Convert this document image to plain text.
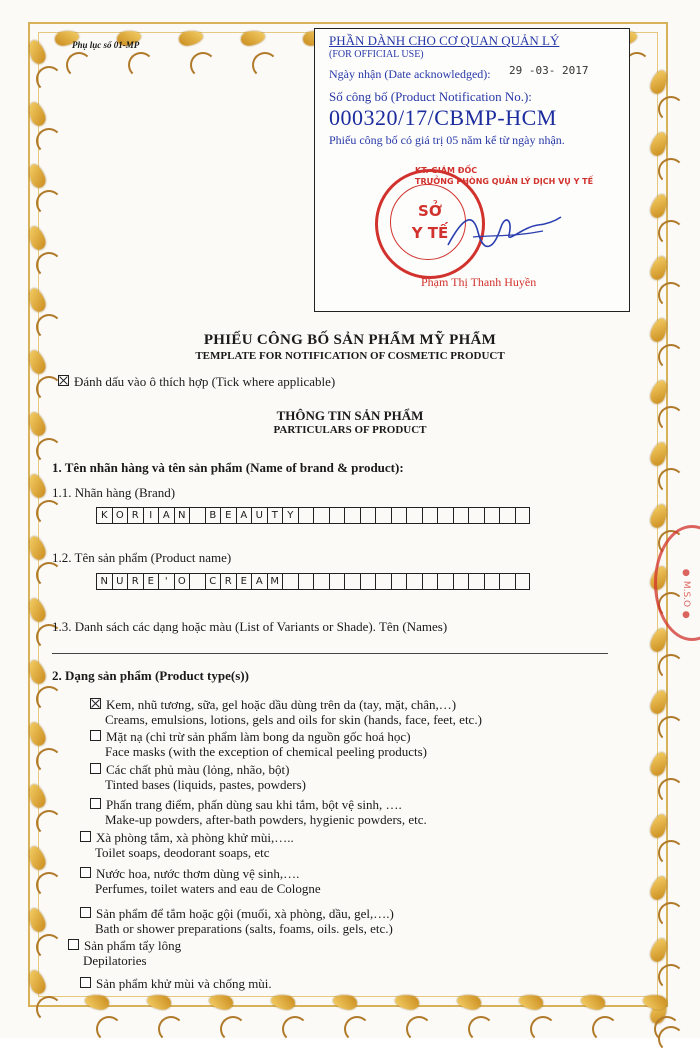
● M.S.O ●
Phụ lục số 01-MP	PHẦN DÀNH CHO CƠ QUAN QUẢN LÝ
(FOR OFFICIAL USE)
Ngày nhận (Date acknowledged): 29 -03- 2017
Số công bố (Product Notification No.):
000320/17/CBMP-HCM
Phiếu công bố có giá trị 05 năm kể từ ngày nhận.
KT. GIÁM ĐỐC
TRƯỞNG PHÒNG QUẢN LÝ DỊCH VỤ Y TẾ
SỞ
Y TẾ
Phạm Thị Thanh Huyền
PHIẾU CÔNG BỐ SẢN PHẨM MỸ PHẨM
TEMPLATE FOR NOTIFICATION OF COSMETIC PRODUCT
Đánh dấu vào ô thích hợp (Tick where applicable)
THÔNG TIN SẢN PHẨM
PARTICULARS OF PRODUCT
1. Tên nhãn hàng và tên sản phẩm (Name of brand & product):
1.1. Nhãn hàng (Brand)
K O R	I	A N	B E A U T Y
1.2. Tên sản phẩm (Product name)
N U R E	'	O	C R E A M
1.3. Danh sách các dạng hoặc màu (List of Variants or Shade). Tên (Names)
2. Dạng sản phẩm (Product type(s))
Kem, nhũ tương, sữa, gel hoặc dầu dùng trên da (tay, mặt, chân,…)
Creams, emulsions, lotions, gels and oils for skin (hands, face, feet, etc.)
Mặt nạ (chỉ trừ sản phẩm làm bong da nguồn gốc hoá học)
Face masks (with the exception of chemical peeling products)
Các chất phủ màu (lỏng, nhão, bột)
Tinted bases (liquids, pastes, powders)
Phấn trang điểm, phấn dùng sau khi tắm, bột vệ sinh, ….
Make-up powders, after-bath powders, hygienic powders, etc.
Xà phòng tắm, xà phòng khử mùi,…..
Toilet soaps, deodorant soaps, etc
Nước hoa, nước thơm dùng vệ sinh,….
Perfumes, toilet waters and eau de Cologne
Sản phẩm để tắm hoặc gội (muối, xà phòng, dầu, gel,….)
Bath or shower preparations (salts, foams, oils. gels, etc.)
Sản phẩm tẩy lông
Depilatories
Sản phẩm khử mùi và chống mùi.
